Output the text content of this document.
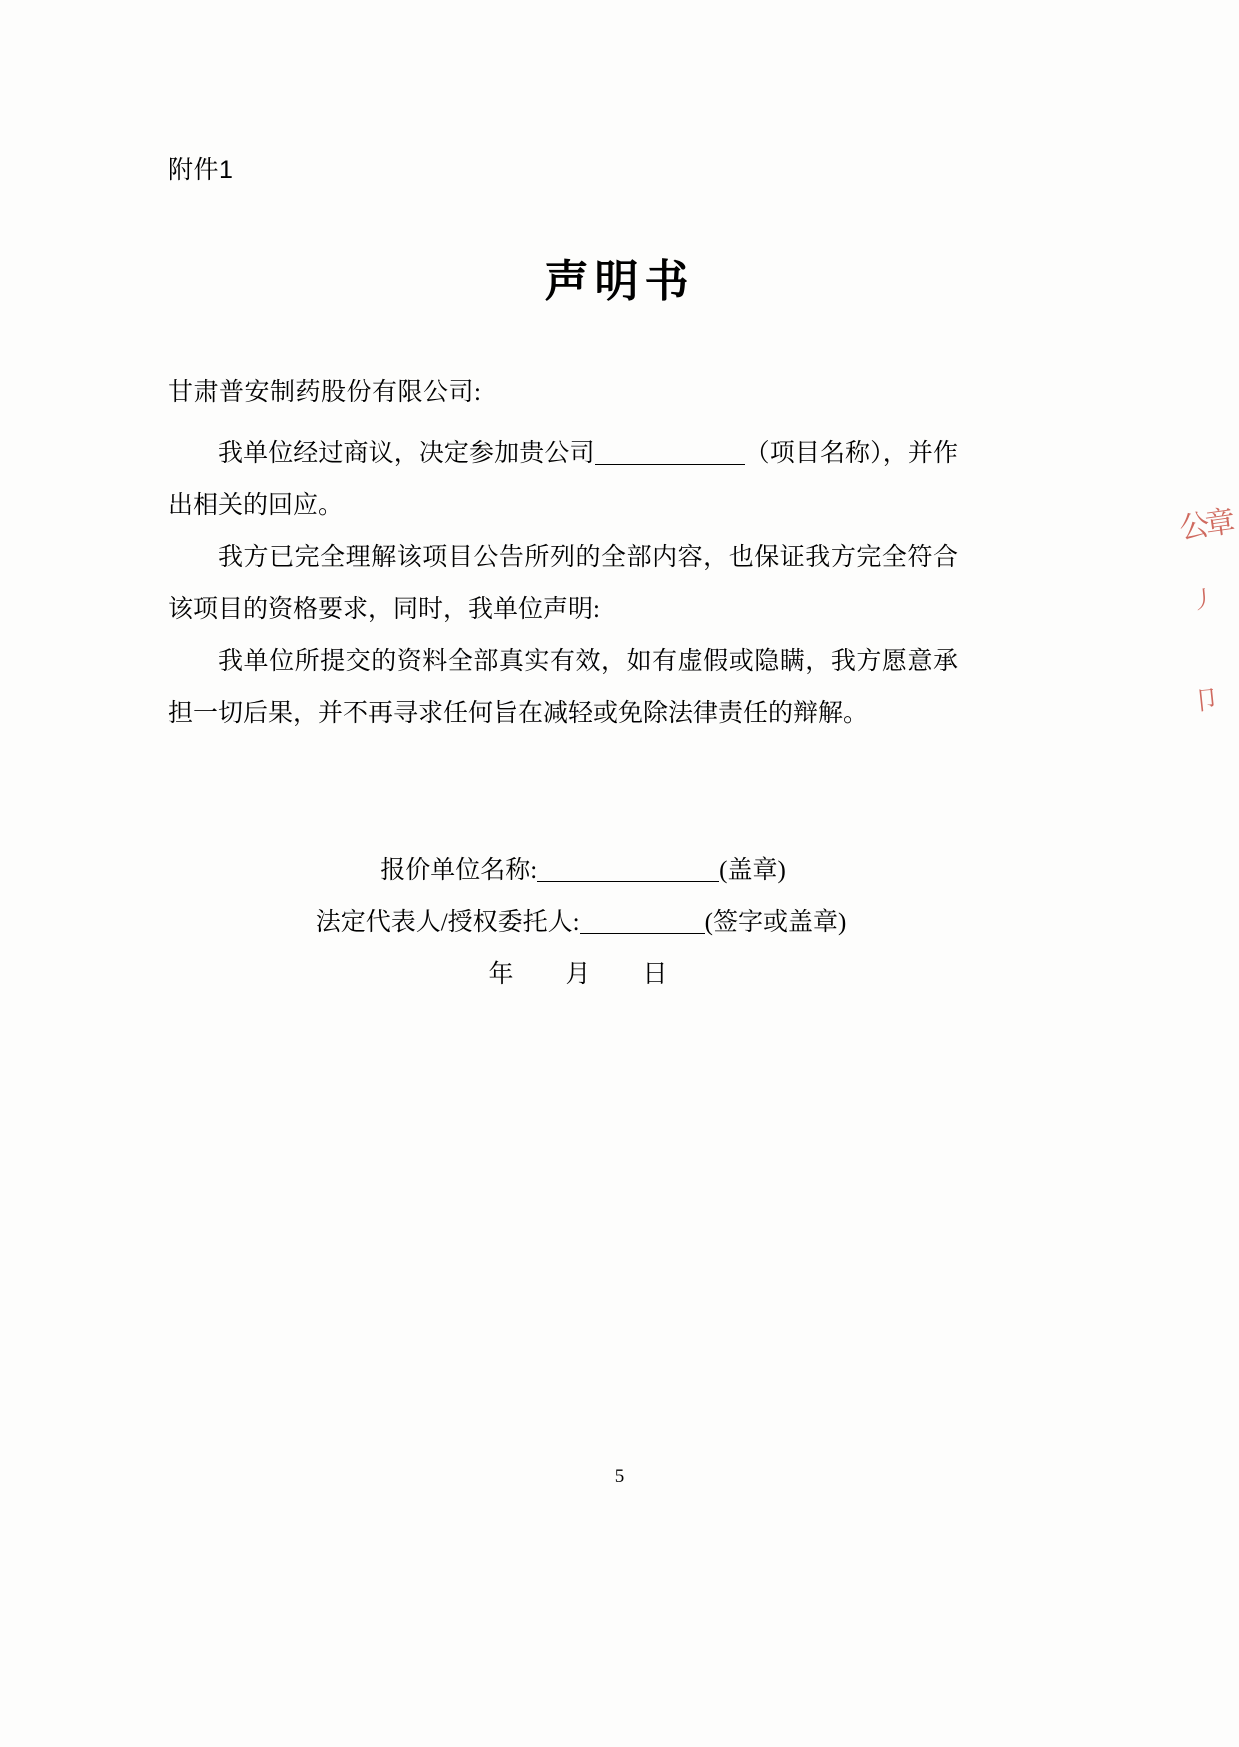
附件1
声明书
甘肃普安制药股份有限公司:

我单位经过商议，决定参加贵公司	（项目名称），并作出相关的回应。

我方已完全理解该项目公告所列的全部内容，也保证我方完全符合该项目的资格要求，同时，我单位声明:

我单位所提交的资料全部真实有效，如有虚假或隐瞒，我方愿意承担一切后果，并不再寻求任何旨在减轻或免除法律责任的辩解。

报价单位名称:	(盖章)
法定代表人/授权委托人:	(签字或盖章)
年 月 日
公章
丿
卩
5
